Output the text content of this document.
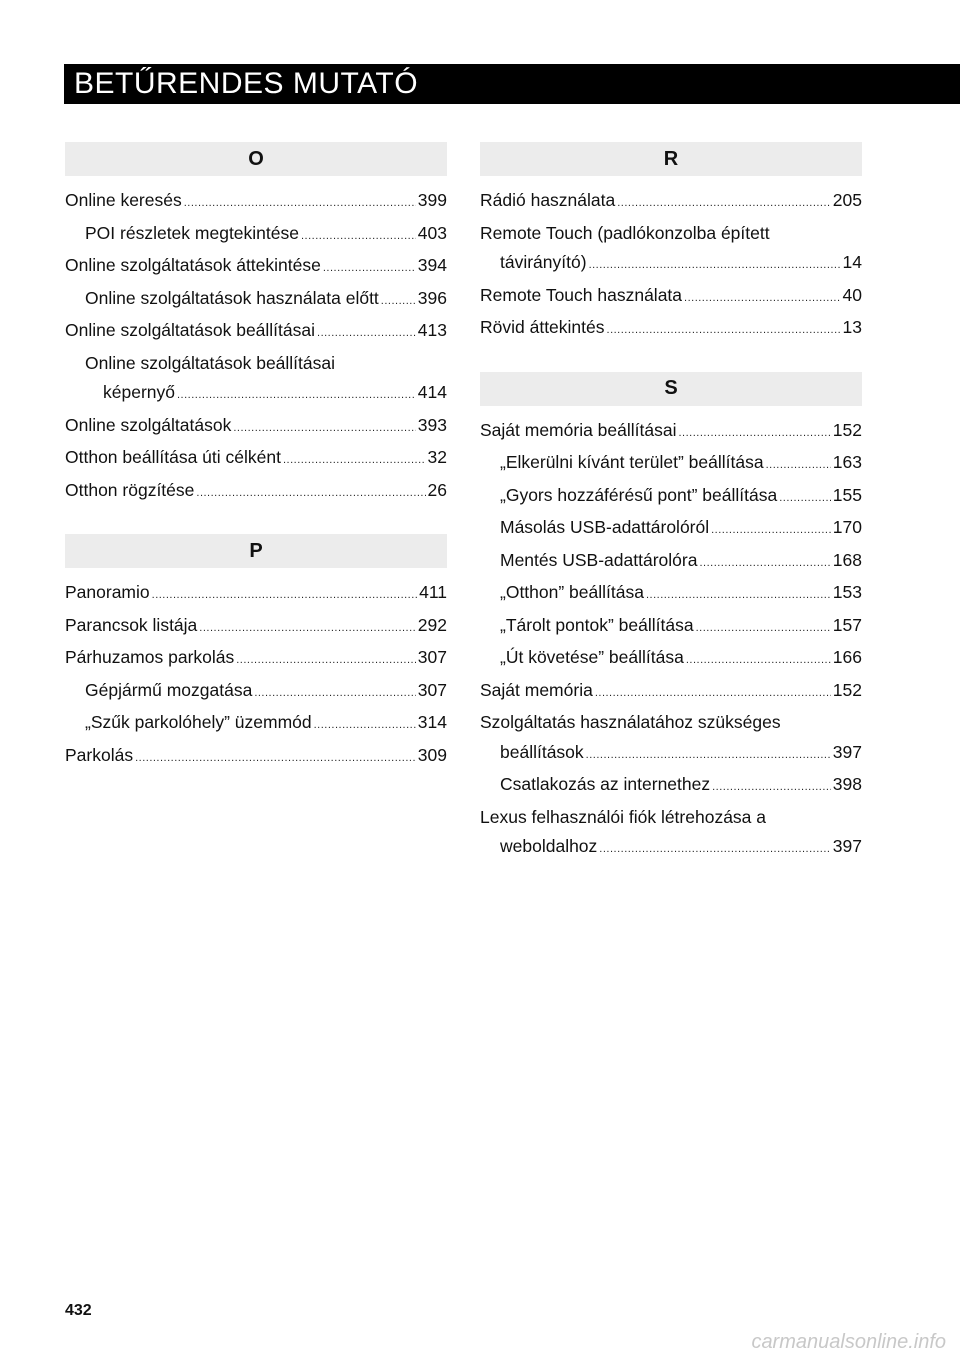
BETŰRENDES MUTATÓ
O
Online keresés .....	399
POI részletek megtekintése .....	403
Online szolgáltatások áttekintése .....	394
Online szolgáltatások használata előtt ..... 396
Online szolgáltatások beállításai .....	413
Online szolgáltatások beállításai
képernyő .....	414
Online szolgáltatások .....	393
Otthon beállítása úti célként .....	32
Otthon rögzítése .....	26
P
Panoramio .....	411
Parancsok listája .....	292
Párhuzamos parkolás .....	307
Gépjármű mozgatása .....	307
„Szűk parkolóhely” üzemmód .....	314
Parkolás .....	309
R
Rádió használata .....	205
Remote Touch (padlókonzolba épített
távirányító) .....	14
Remote Touch használata .....	40
Rövid áttekintés .....	13
S
Saját memória beállításai .....	152
„Elkerülni kívánt terület” beállítása .....	163
„Gyors hozzáférésű pont” beállítása .....	155
Másolás USB-adattárolóról .....	170
Mentés USB-adattárolóra .....	168
„Otthon” beállítása .....	153
„Tárolt pontok” beállítása .....	157
„Út követése” beállítása .....	166
Saját memória .....	152
Szolgáltatás használatához szükséges
beállítások .....	397
Csatlakozás az internethez .....	398
Lexus felhasználói fiók létrehozása a
weboldalhoz .....	397
432
carmanualsonline.info
